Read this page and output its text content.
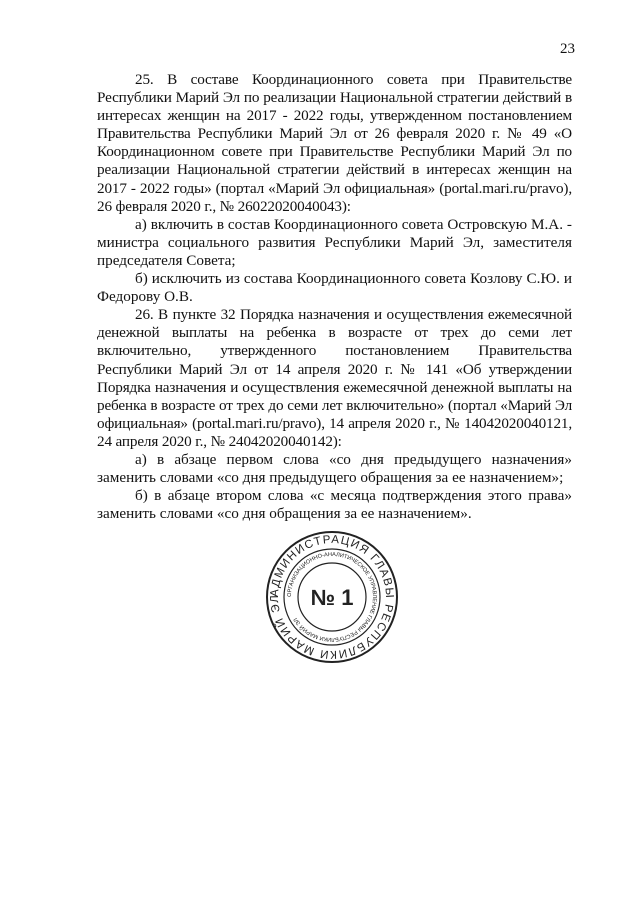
23

25. В составе Координационного совета при Правительстве Республики Марий Эл по реализации Национальной стратегии действий в интересах женщин на 2017 - 2022 годы, утвержденном постановлением Правительства Республики Марий Эл от 26 февраля 2020 г. № 49 «О Координационном совете при Правительстве Республики Марий Эл по реализации Национальной стратегии действий в интересах женщин на 2017 - 2022 годы» (портал «Марий Эл официальная» (portal.mari.ru/pravo), 26 февраля 2020 г., № 26022020040043):

а) включить в состав Координационного совета Островскую М.А. - министра социального развития Республики Марий Эл, заместителя председателя Совета;

б) исключить из состава Координационного совета Козлову С.Ю. и Федорову О.В.

26. В пункте 32 Порядка назначения и осуществления ежемесячной денежной выплаты на ребенка в возрасте от трех до семи лет включительно, утвержденного постановлением Правительства Республики Марий Эл от 14 апреля 2020 г. № 141 «Об утверждении Порядка назначения и осуществления ежемесячной денежной выплаты на ребенка в возрасте от трех до семи лет включительно» (портал «Марий Эл официальная» (portal.mari.ru/pravo), 14 апреля 2020 г., № 14042020040121, 24 апреля 2020 г., № 24042020040142):

а) в абзаце первом слова «со дня предыдущего назначения» заменить словами «со дня предыдущего обращения за ее назначением»;

б) в абзаце втором слова «с месяца подтверждения этого права» заменить словами «со дня обращения за ее назначением».

АДМИНИСТРАЦИЯ ГЛАВЫ РЕСПУБЛИКИ МАРИЙ ЭЛ	ОРГАНИЗАЦИОННО-АНАЛИТИЧЕСКОЕ УПРАВЛЕНИЕ ГЛАВЫ РЕСПУБЛИКИ МАРИЙ ЭЛ
№ 1
